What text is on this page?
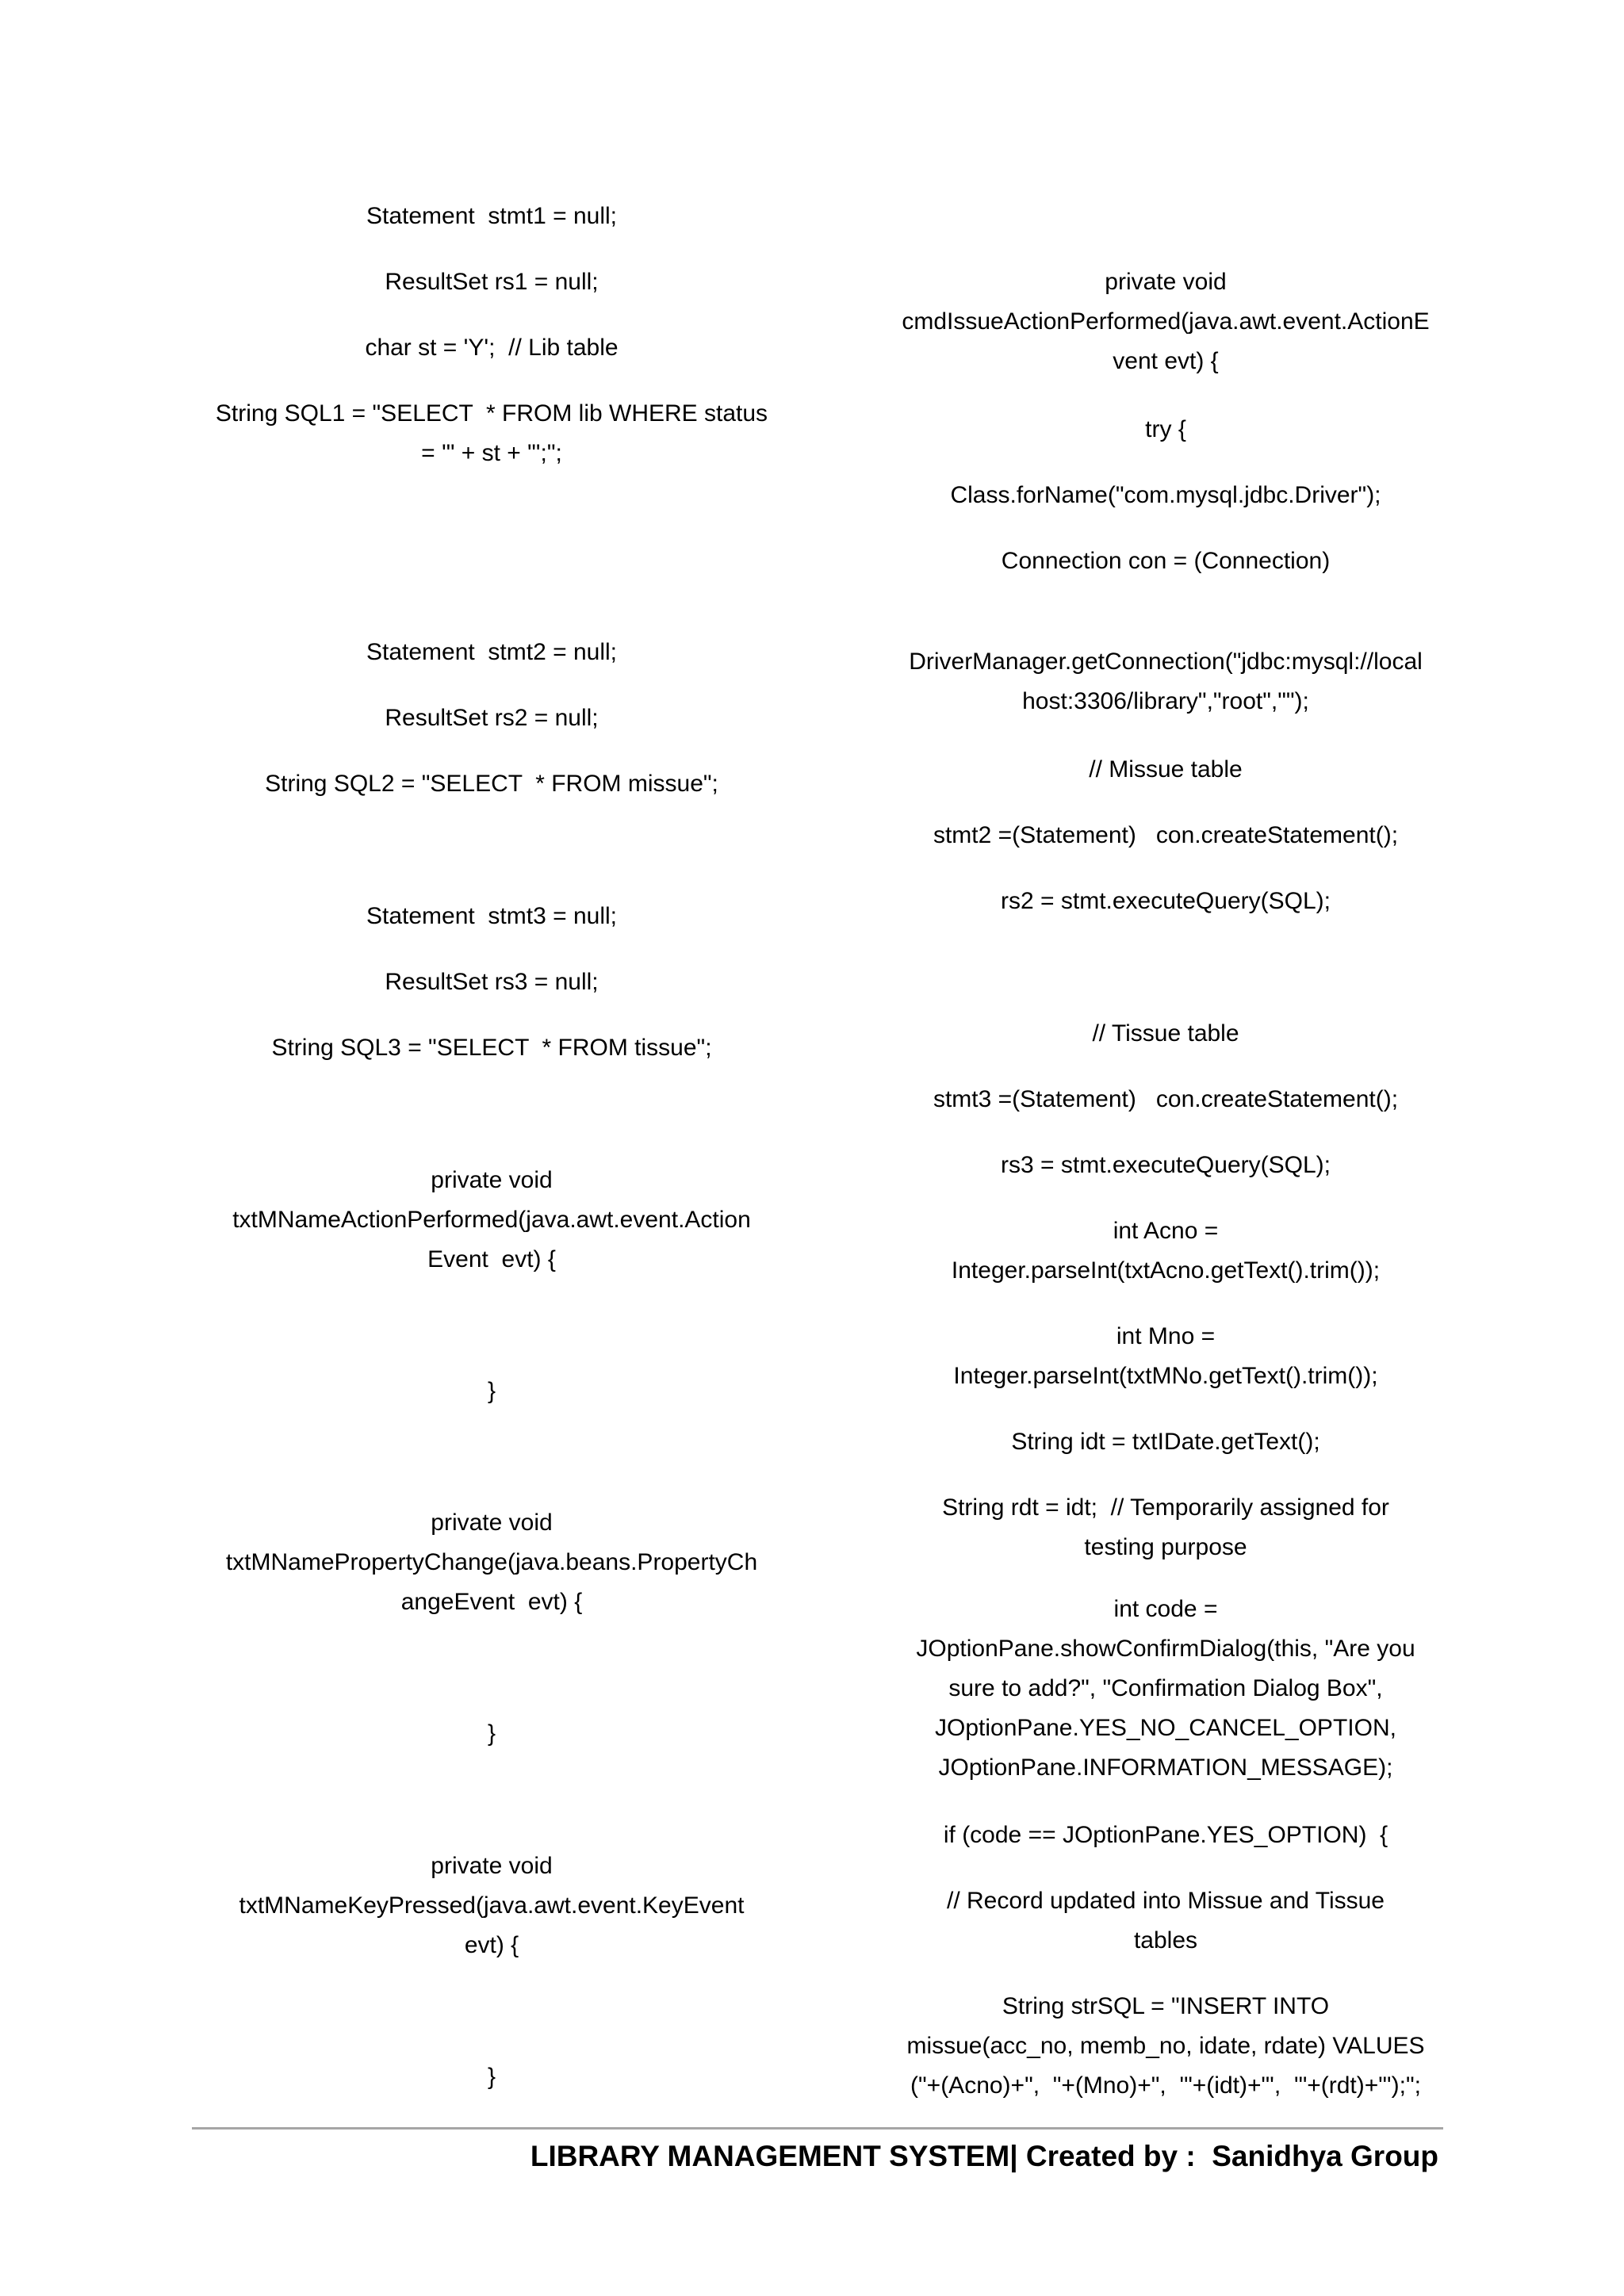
Statement  stmt1 = null;
ResultSet rs1 = null;
char st = 'Y';  // Lib table
String SQL1 = "SELECT  * FROM lib WHERE status
= '" + st + "';";
Statement  stmt2 = null;
ResultSet rs2 = null;
String SQL2 = "SELECT  * FROM missue";
Statement  stmt3 = null;
ResultSet rs3 = null;
String SQL3 = "SELECT  * FROM tissue";
private void
txtMNameActionPerformed(java.awt.event.Action
Event  evt) {
}
private void
txtMNamePropertyChange(java.beans.PropertyCh
angeEvent  evt) {
}
private void
txtMNameKeyPressed(java.awt.event.KeyEvent
evt) {
}
private void
cmdIssueActionPerformed(java.awt.event.ActionE
vent evt) {
try {
Class.forName("com.mysql.jdbc.Driver");
Connection con = (Connection)
DriverManager.getConnection("jdbc:mysql://local
host:3306/library","root","");
// Missue table
stmt2 =(Statement)   con.createStatement();
rs2 = stmt.executeQuery(SQL);
// Tissue table
stmt3 =(Statement)   con.createStatement();
rs3 = stmt.executeQuery(SQL);
int Acno =
Integer.parseInt(txtAcno.getText().trim());
int Mno =
Integer.parseInt(txtMNo.getText().trim());
String idt = txtIDate.getText();
String rdt = idt;  // Temporarily assigned for
testing purpose
int code =
JOptionPane.showConfirmDialog(this, "Are you
sure to add?", "Confirmation Dialog Box",
JOptionPane.YES_NO_CANCEL_OPTION,
JOptionPane.INFORMATION_MESSAGE);
if (code == JOptionPane.YES_OPTION)  {
// Record updated into Missue and Tissue
tables
String strSQL = "INSERT INTO
missue(acc_no, memb_no, idate, rdate) VALUES
("+(Acno)+",  "+(Mno)+",  '"+(idt)+"',  '"+(rdt)+"');";
LIBRARY MANAGEMENT SYSTEM| Created by :  Sanidhya Group
